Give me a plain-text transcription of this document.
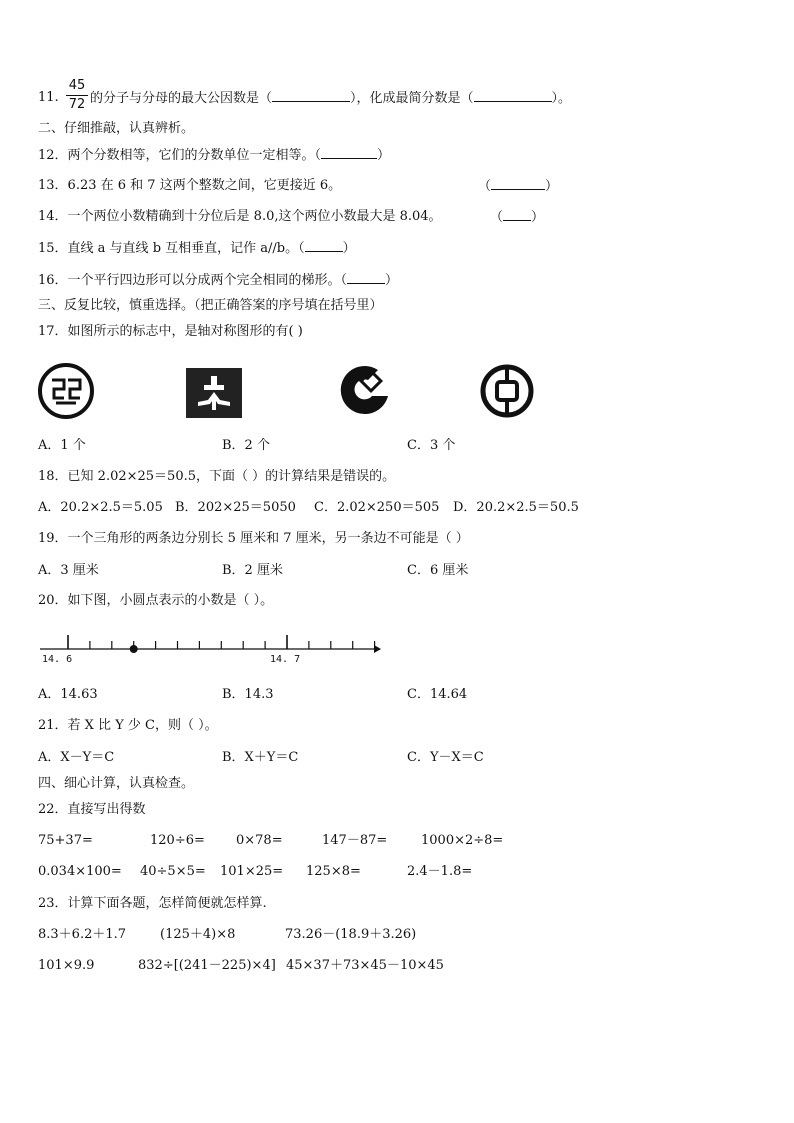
11.
45
72 的分子与分母的最大公因数是（	），化成最简分数是（	）。
二、仔细推敲，认真辨析。
12．两个分数相等，它们的分数单位一定相等。（	）
13．6.23 在 6 和 7 这两个整数之间，它更接近 6。	（	）
14．一个两位小数精确到十分位后是 8.0,这个两位小数最大是 8.04。	（ ）
15．直线 a 与直线 b 互相垂直，记作 a//b。（	）
16．一个平行四边形可以分成两个完全相同的梯形。（	）
三、反复比较，慎重选择。（把正确答案的序号填在括号里）
17．如图所示的标志中，是轴对称图形的有( )
A．1 个	B．2 个	C．3 个
18．已知 2.02×25＝50.5，下面（ ）的计算结果是错误的。
A．20.2×2.5＝5.05 B．202×25＝5050 C．2.02×250＝505 D．20.2×2.5＝50.5
19．一个三角形的两条边分别长 5 厘米和 7 厘米，另一条边不可能是（ ）
A．3 厘米	B．2 厘米	C．6 厘米
20．如下图，小圆点表示的小数是（ ）。
14. 6	14. 7
A．14.63	B．14.3	C．14.64
21．若 X 比 Y 少 C，则（ ）。
A．X－Y＝C	B．X＋Y＝C	C．Y－X＝C
四、细心计算，认真检查。
22．直接写出得数
75+37=	120÷6= 0×78=	147－87=	1000×2÷8=
0.034×100= 40÷5×5= 101×25= 125×8=	2.4－1.8=
23．计算下面各题，怎样简便就怎样算.
8.3＋6.2＋1.7	(125＋4)×8	73.26－(18.9＋3.26)
101×9.9	832÷[(241－225)×4] 45×37＋73×45－10×45
